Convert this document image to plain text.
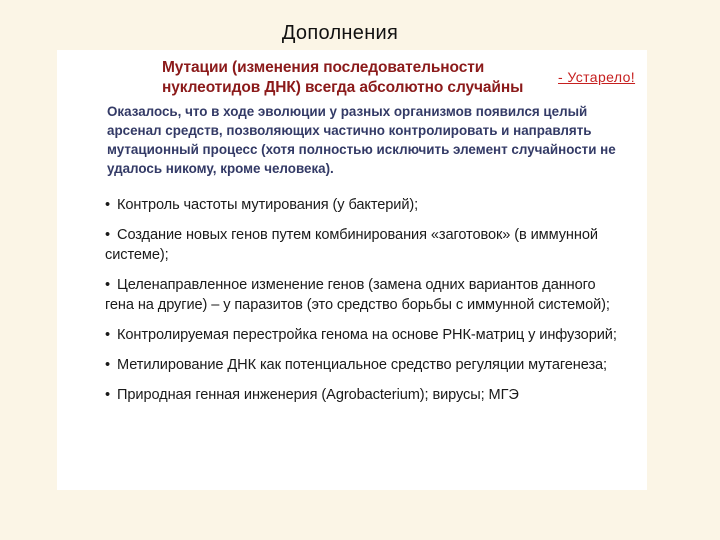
Дополнения
Мутации (изменения последовательности нуклеотидов ДНК) всегда абсолютно случайны
- Устарело!
Оказалось, что в ходе эволюции у разных организмов появился целый арсенал средств, позволяющих частично контролировать и направлять мутационный процесс (хотя полностью исключить элемент случайности не удалось никому, кроме человека).
• Контроль частоты мутирования (у бактерий);
• Создание новых генов путем комбинирования «заготовок» (в иммунной системе);
• Целенаправленное изменение генов (замена одних вариантов данного гена на другие) – у паразитов (это средство борьбы с иммунной системой);
• Контролируемая перестройка генома на основе РНК-матриц у инфузорий;
• Метилирование ДНК как потенциальное средство регуляции мутагенеза;
• Природная генная инженерия (Agrobacterium); вирусы; МГЭ
